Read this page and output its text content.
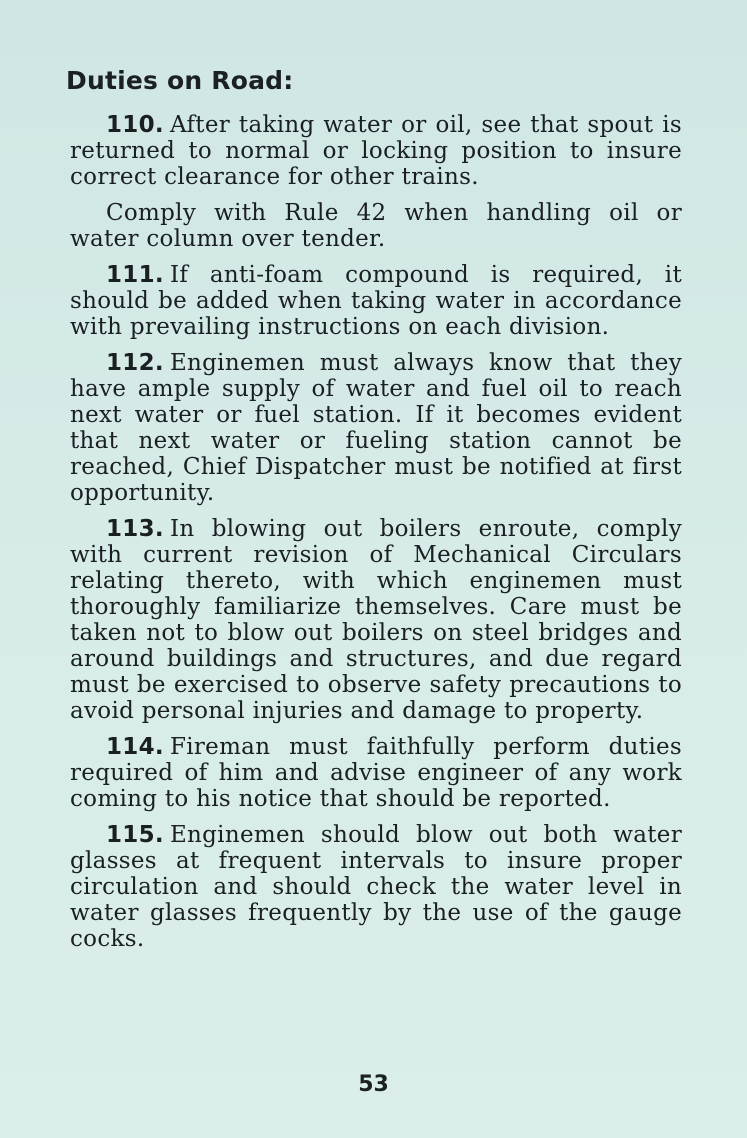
Duties on Road:

110. After taking water or oil, see that spout is returned to normal or locking position to insure correct clearance for other trains.

Comply with Rule 42 when handling oil or water column over tender.

111. If anti-foam compound is required, it should be added when taking water in accordance with prevailing instructions on each division.

112. Enginemen must always know that they have ample supply of water and fuel oil to reach next water or fuel station. If it becomes evident that next water or fueling station cannot be reached, Chief Dispatcher must be notified at first opportunity.

113. In blowing out boilers enroute, comply with current revision of Mechanical Circulars relating thereto, with which enginemen must thoroughly familiarize themselves. Care must be taken not to blow out boilers on steel bridges and around buildings and structures, and due regard must be exercised to observe safety precautions to avoid personal injuries and damage to property.

114. Fireman must faithfully perform duties required of him and advise engineer of any work coming to his notice that should be reported.

115. Enginemen should blow out both water glasses at frequent intervals to insure proper circulation and should check the water level in water glasses frequently by the use of the gauge cocks.

53
